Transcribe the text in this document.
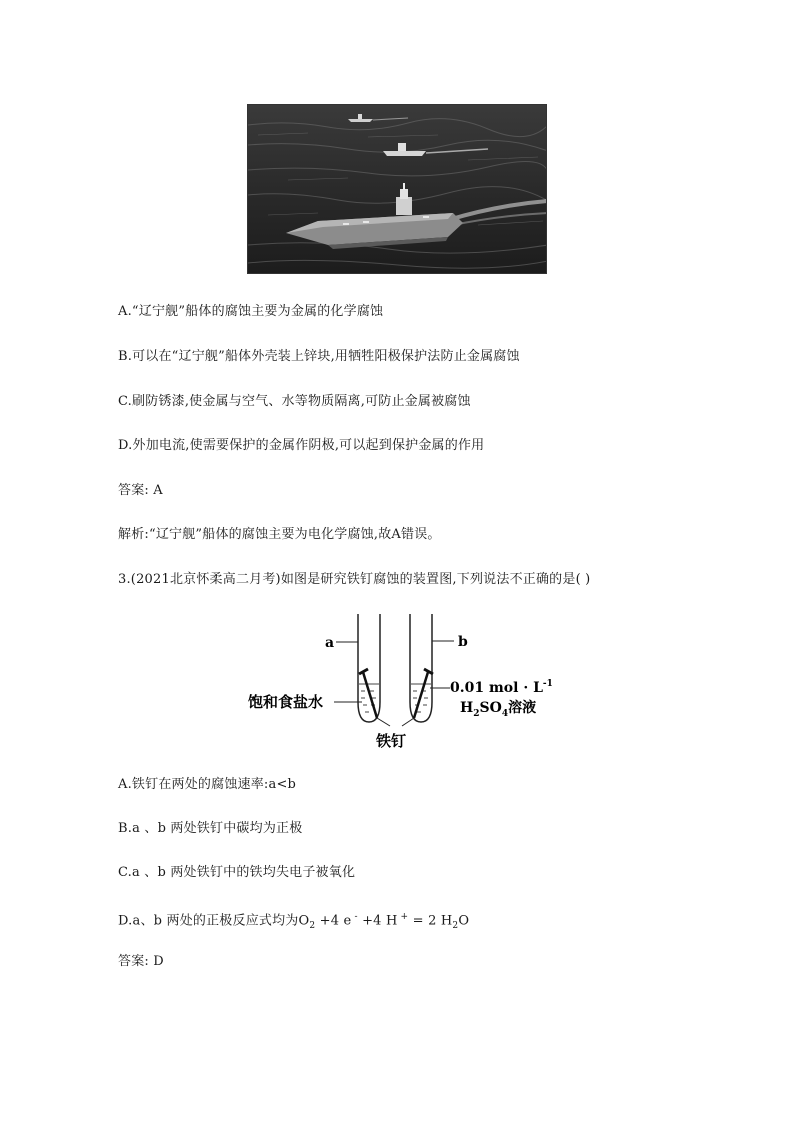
A.“辽宁舰”船体的腐蚀主要为金属的化学腐蚀
B.可以在“辽宁舰”船体外壳装上锌块,用牺牲阳极保护法防止金属腐蚀
C.刷防锈漆,使金属与空气、水等物质隔离,可防止金属被腐蚀
D.外加电流,使需要保护的金属作阴极,可以起到保护金属的作用
答案: A
解析:“辽宁舰”船体的腐蚀主要为电化学腐蚀,故A错误。
3.(2021北京怀柔高二月考)如图是研究铁钉腐蚀的装置图,下列说法不正确的是( )
a	b
饱和食盐水
0.01 mol · $L^{-1}$
$H_2SO_4$溶液
铁钉
A.铁钉在两处的腐蚀速率:a<b
B.a 、b 两处铁钉中碳均为正极
C.a 、b 两处铁钉中的铁均失电子被氧化
D.a、b 两处的正极反应式均为$O_2 +4$ e - +4 H + = 2 $H_2O$
答案: D
